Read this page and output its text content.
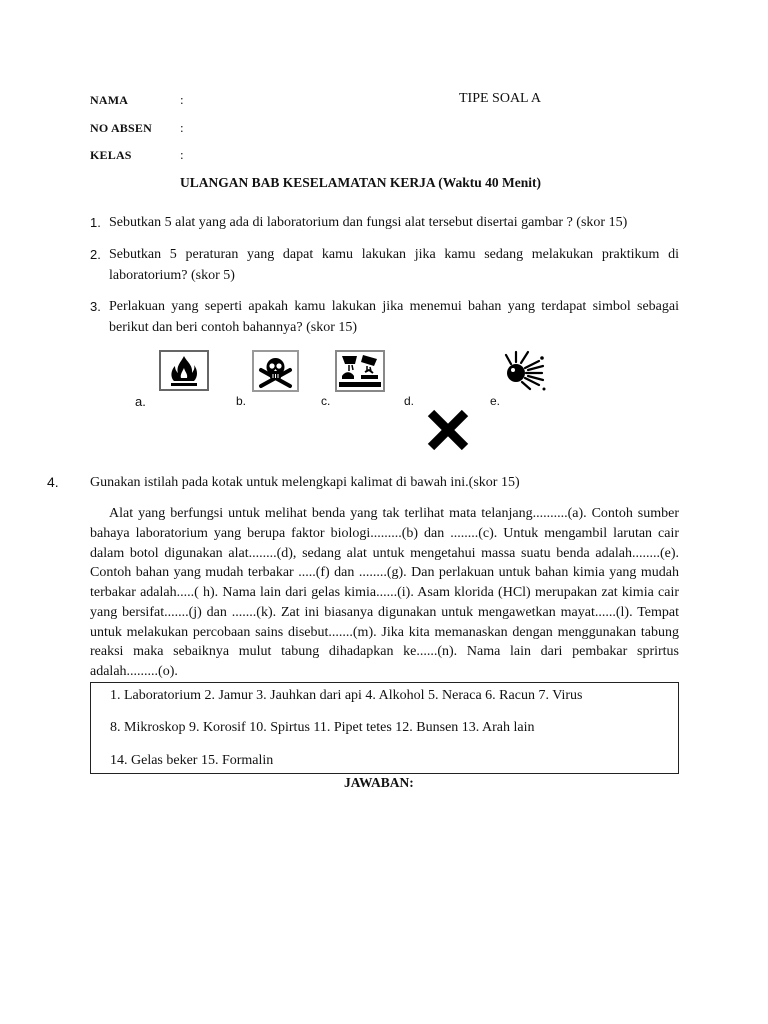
NAMA	:	TIPE SOAL A
NO ABSEN :
KELAS	:
ULANGAN BAB KESELAMATAN KERJA (Waktu 40 Menit)
1. Sebutkan 5 alat yang ada di laboratorium dan fungsi alat tersebut disertai gambar ? (skor 15)
2. Sebutkan 5 peraturan yang dapat kamu lakukan jika kamu sedang melakukan praktikum di laboratorium? (skor 5)
3. Perlakuan yang seperti apakah kamu lakukan jika menemui bahan yang terdapat simbol sebagai berikut dan beri contoh bahannya? (skor 15)
a.	b.	c.	d.	e.
4. Gunakan istilah pada kotak untuk melengkapi kalimat di bawah ini.(skor 15)
Alat yang berfungsi untuk melihat benda yang tak terlihat mata telanjang..........(a). Contoh sumber bahaya laboratorium yang berupa faktor biologi.........(b) dan ........(c). Untuk mengambil larutan cair dalam botol digunakan alat........(d), sedang alat untuk mengetahui massa suatu benda adalah........(e). Contoh bahan yang mudah terbakar .....(f) dan ........(g). Dan perlakuan untuk bahan kimia yang mudah terbakar adalah.....( h). Nama lain dari gelas kimia......(i). Asam klorida (HCl) merupakan zat kimia cair yang bersifat.......(j) dan .......(k). Zat ini biasanya digunakan untuk mengawetkan mayat......(l). Tempat untuk melakukan percobaan sains disebut.......(m). Jika kita memanaskan dengan menggunakan tabung reaksi maka sebaiknya mulut tabung dihadapkan ke......(n). Nama lain dari pembakar sprirtus adalah.........(o).
1. Laboratorium 2. Jamur 3. Jauhkan dari api 4. Alkohol 5. Neraca 6. Racun 7. Virus
8. Mikroskop 9. Korosif 10. Spirtus 11. Pipet tetes 12. Bunsen 13. Arah lain
14. Gelas beker 15. Formalin
JAWABAN:
